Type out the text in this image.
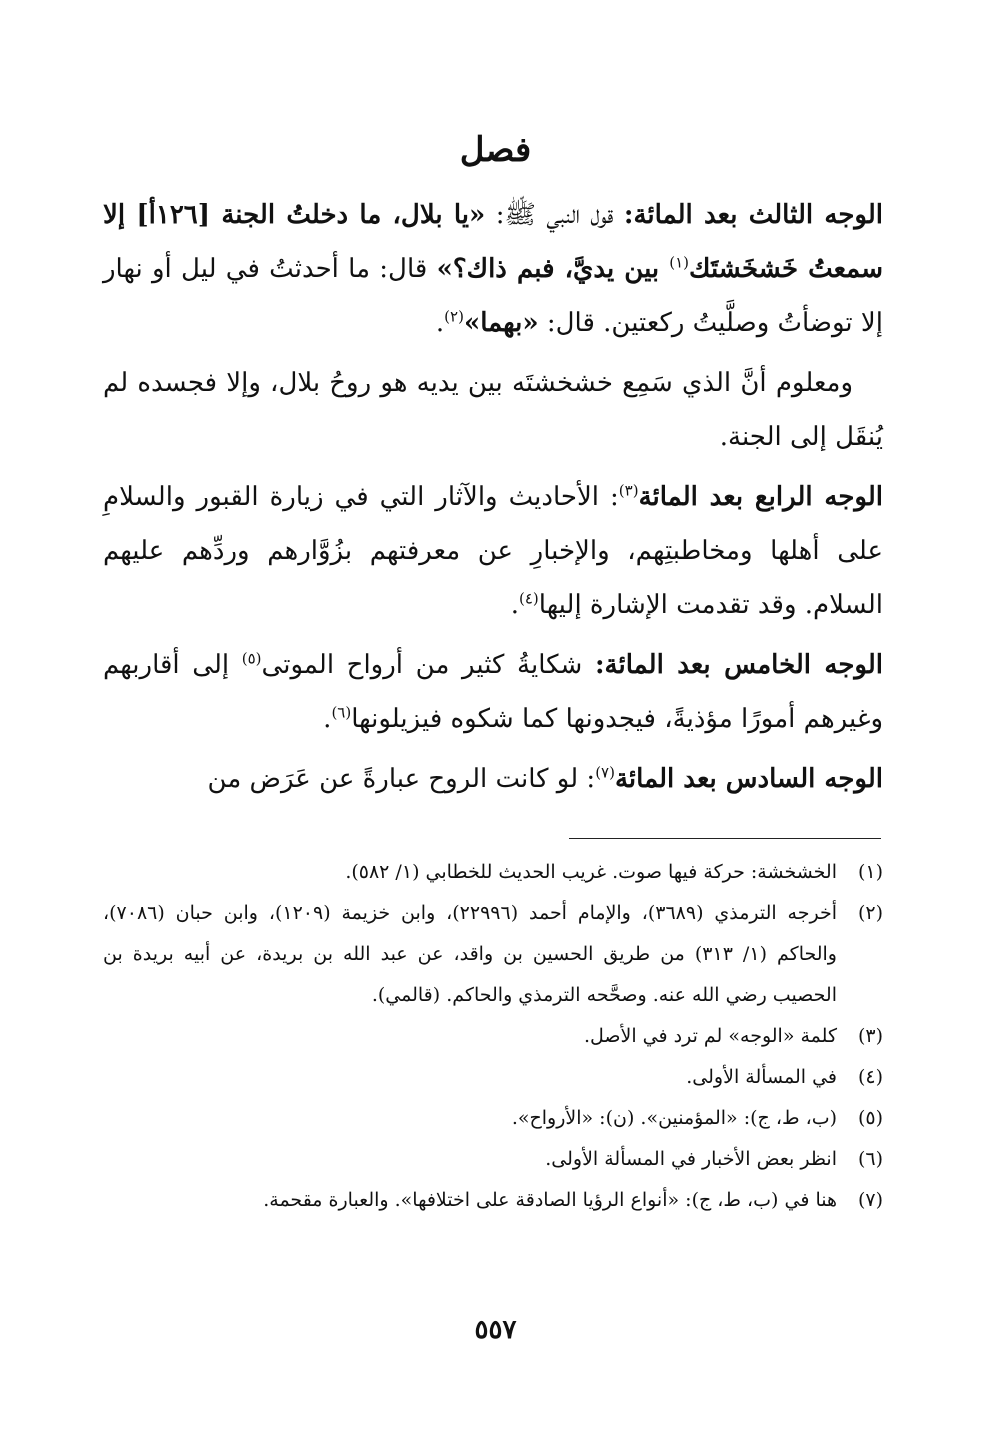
فصل

الوجه الثالث بعد المائة: قول النبي ﷺ: «يا بلال، ما دخلتُ الجنة [١٢٦أ] إلا سمعتُ خَشخَشتَك$^{(١)}$ بين يديَّ، فبم ذاك؟» قال: ما أحدثتُ في ليل أو نهار إلا توضأتُ وصلَّيتُ ركعتين. قال: «بهما»$^{(٢)}$.

ومعلوم أنَّ الذي سَمِع خشخشتَه بين يديه هو روحُ بلال، وإلا فجسده لم يُنقَل إلى الجنة.

الوجه الرابع بعد المائة$^{(٣)}$: الأحاديث والآثار التي في زيارة القبور والسلامِ على أهلها ومخاطبتِهم، والإخبارِ عن معرفتهم بزُوَّارهم وردِّهم عليهم السلام. وقد تقدمت الإشارة إليها$^{(٤)}$.

الوجه الخامس بعد المائة: شكايةُ كثير من أرواح الموتى$^{(٥)}$ إلى أقاربهم وغيرهم أمورًا مؤذيةً، فيجدونها كما شكوه فيزيلونها$^{(٦)}$.

الوجه السادس بعد المائة$^{(٧)}$: لو كانت الروح عبارةً عن عَرَض من

(١)
الخشخشة: حركة فيها صوت. غريب الحديث للخطابي (١/ ٥٨٢).
(٢)
أخرجه الترمذي (٣٦٨٩)، والإمام أحمد (٢٢٩٩٦)، وابن خزيمة (١٢٠٩)، وابن حبان (٧٠٨٦)، والحاكم (١/ ٣١٣) من طريق الحسين بن واقد، عن عبد الله بن بريدة، عن أبيه بريدة بن الحصيب رضي الله عنه. وصحَّحه الترمذي والحاكم. (قالمي).
(٣)
كلمة «الوجه» لم ترد في الأصل.
(٤)
في المسألة الأولى.
(٥)
(ب، ط، ج): «المؤمنين». (ن): «الأرواح».
(٦)
انظر بعض الأخبار في المسألة الأولى.
(٧)
هنا في (ب، ط، ج): «أنواع الرؤيا الصادقة على اختلافها». والعبارة مقحمة.
٥٥٧
